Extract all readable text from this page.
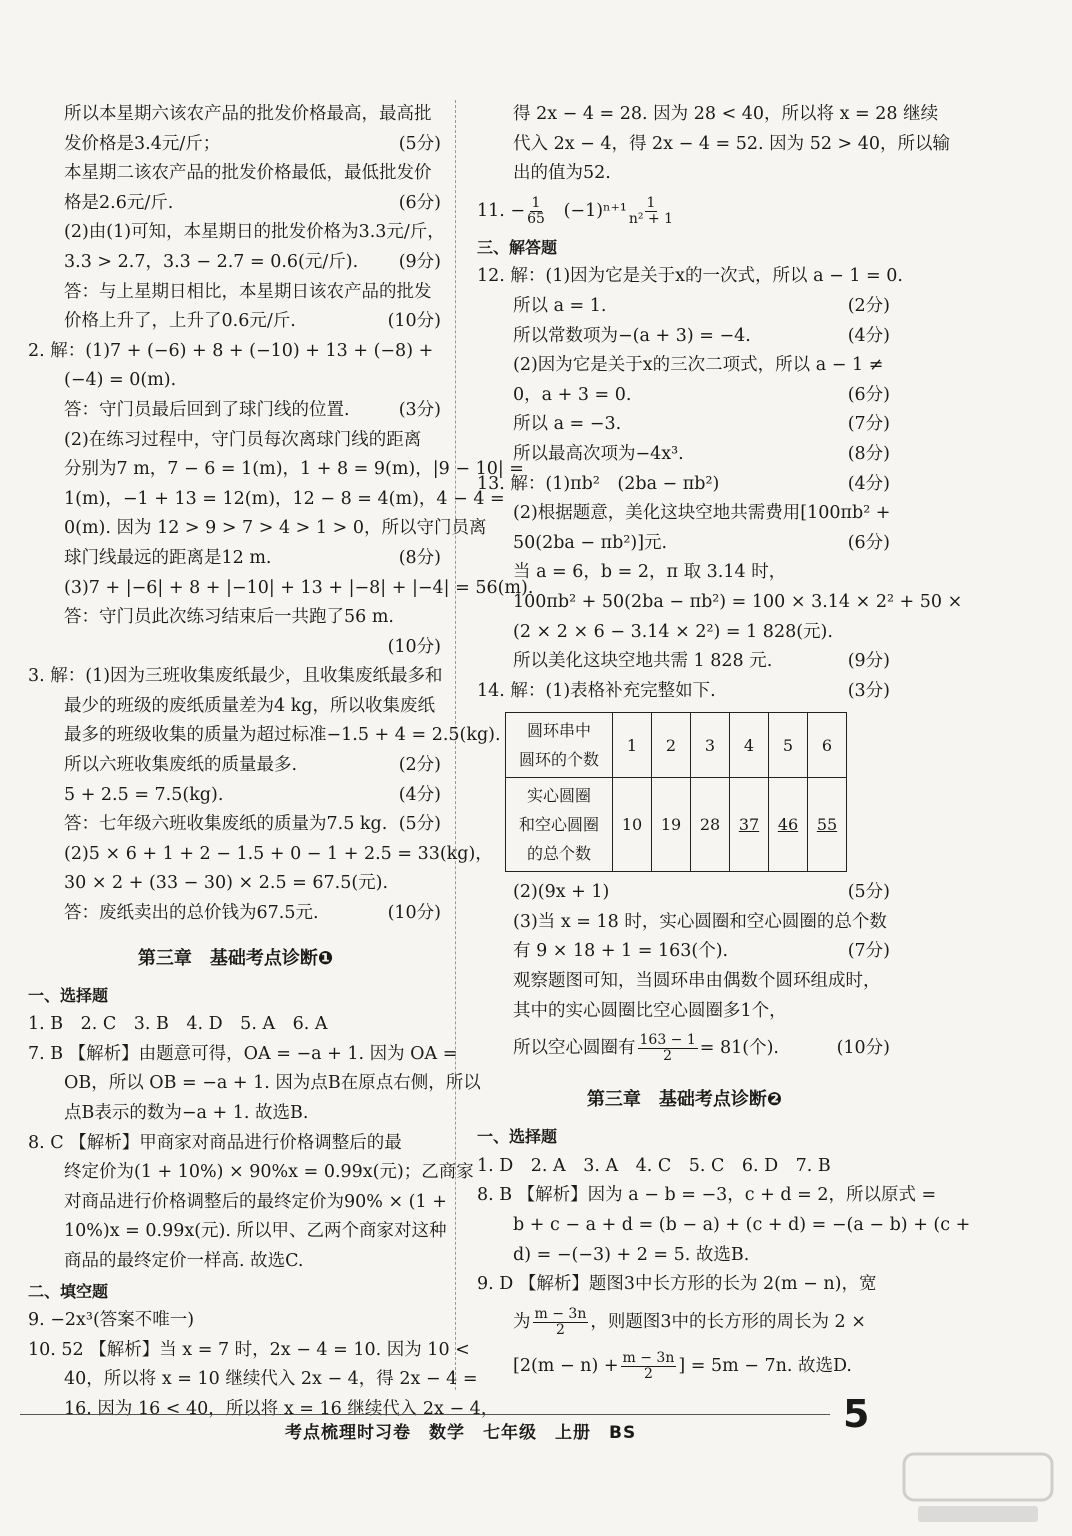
所以本星期六该农产品的批发价格最高，最高批
发价格是3.4元/斤；	(5分)
本星期二该农产品的批发价格最低，最低批发价
格是2.6元/斤.	(6分)
(2)由(1)可知，本星期日的批发价格为3.3元/斤，
3.3 > 2.7，3.3 − 2.7 = 0.6(元/斤). (9分)
答：与上星期日相比，本星期日该农产品的批发
价格上升了，上升了0.6元/斤.	(10分)
2. 解：(1)7 + (−6) + 8 + (−10) + 13 + (−8) +
(−4) = 0(m).
答：守门员最后回到了球门线的位置.	(3分)
(2)在练习过程中，守门员每次离球门线的距离
分别为7 m，7 − 6 = 1(m)，1 + 8 = 9(m)，|9 − 10| =
1(m)，−1 + 13 = 12(m)，12 − 8 = 4(m)，4 − 4 =
0(m). 因为 12 > 9 > 7 > 4 > 1 > 0，所以守门员离
球门线最远的距离是12 m.	(8分)
(3)7 + |−6| + 8 + |−10| + 13 + |−8| + |−4| = 56(m).
答：守门员此次练习结束后一共跑了56 m.
(10分)
3. 解：(1)因为三班收集废纸最少，且收集废纸最多和
最少的班级的废纸质量差为4 kg，所以收集废纸
最多的班级收集的质量为超过标准−1.5 + 4 = 2.5(kg).
所以六班收集废纸的质量最多.	(2分)
5 + 2.5 = 7.5(kg).	(4分)
答：七年级六班收集废纸的质量为7.5 kg. (5分)
(2)5 × 6 + 1 + 2 − 1.5 + 0 − 1 + 2.5 = 33(kg)，
30 × 2 + (33 − 30) × 2.5 = 67.5(元).
答：废纸卖出的总价钱为67.5元.	(10分)
第三章　基础考点诊断❶
一、选择题
1. B　2. C　3. B　4. D　5. A　6. A
7. B 【解析】由题意可得，OA = −a + 1. 因为 OA =
OB，所以 OB = −a + 1. 因为点B在原点右侧，所以
点B表示的数为−a + 1. 故选B.
8. C 【解析】甲商家对商品进行价格调整后的最
终定价为(1 + 10%) × 90%x = 0.99x(元)；乙商家
对商品进行价格调整后的最终定价为90% × (1 +
10%)x = 0.99x(元). 所以甲、乙两个商家对这种
商品的最终定价一样高. 故选C.
二、填空题
9. −2x³(答案不唯一)
10. 52 【解析】当 x = 7 时，2x − 4 = 10. 因为 10 <
40，所以将 x = 10 继续代入 2x − 4，得 2x − 4 =
16. 因为 16 < 40，所以将 x = 16 继续代入 2x − 4，
得 2x − 4 = 28. 因为 28 < 40，所以将 x = 28 继续
代入 2x − 4，得 2x − 4 = 52. 因为 52 > 40，所以输
出的值为52.
11. − $\frac{1}{65} (-1)^{n+1} \frac{1}{\text{n² + 1}}$
三、解答题
12. 解：(1)因为它是关于x的一次式，所以 a − 1 = 0.
所以 a = 1.	(2分)
所以常数项为−(a + 3) = −4.	(4分)
(2)因为它是关于x的三次二项式，所以 a − 1 ≠
0，a + 3 = 0.	(6分)
所以 a = −3.	(7分)
所以最高次项为−4x³.	(8分)
13. 解：(1)πb²　(2ba − πb²)	(4分)
(2)根据题意，美化这块空地共需费用[100πb² +
50(2ba − πb²)]元.	(6分)
当 a = 6，b = 2，π 取 3.14 时，
100πb² + 50(2ba − πb²) = 100 × 3.14 × 2² + 50 ×
(2 × 2 × 6 − 3.14 × 2²) = 1 828(元).
所以美化这块空地共需 1 828 元.	(9分)
14. 解：(1)表格补充完整如下.	(3分)
圆环串中
圆环的个数	1	2	3	4	5	6
实心圆圈
和空心圆圈
的总个数	10	19	28	37	46	55
(2)(9x + 1)	(5分)
(3)当 x = 18 时，实心圆圈和空心圆圈的总个数
有 9 × 18 + 1 = 163(个).	(7分)
观察题图可知，当圆环串由偶数个圆环组成时，
其中的实心圆圈比空心圆圈多1个，
所以空心圆圈有 $\frac{163 - 1}{2} = 81$(个).	(10分)
第三章　基础考点诊断❷
一、选择题
1. D　2. A　3. A　4. C　5. C　6. D　7. B
8. B 【解析】因为 a − b = −3，c + d = 2，所以原式 =
b + c − a + d = (b − a) + (c + d) = −(a − b) + (c +
d) = −(−3) + 2 = 5. 故选B.
9. D 【解析】题图3中长方形的长为 2(m − n)，宽
为 $\frac{m - 3n}{2}$ ，则题图3中的长方形的周长为 2 ×
[$2(m - n) + \frac{m - 3n}{2}$ ] = 5m − 7n. 故选D.
考点梳理时习卷　数学　七年级　上册　BS	5
